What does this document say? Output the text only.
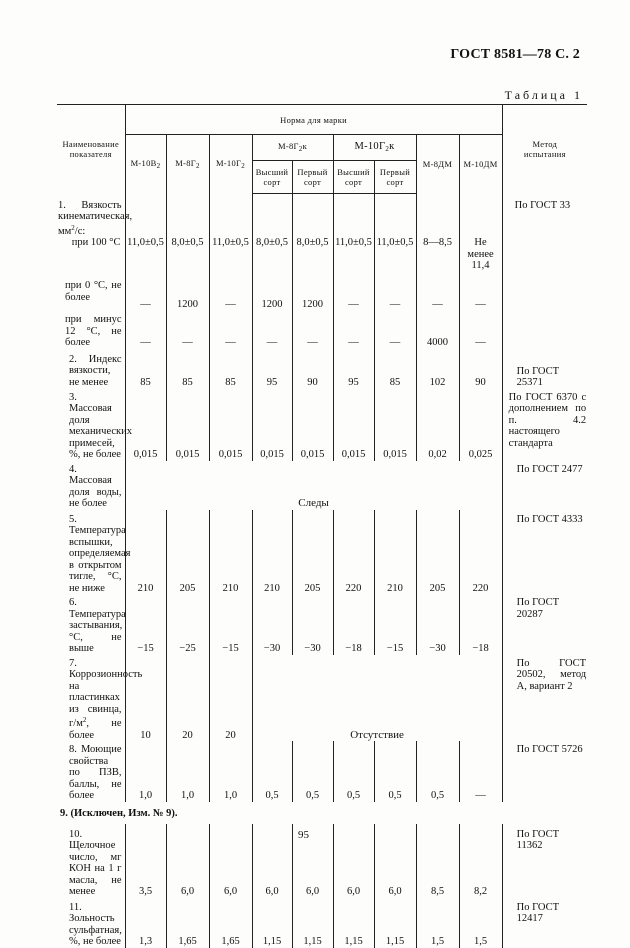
ГОСТ 8581—78 С. 2
Таблица 1
Наименование показателя	Норма для марки									Метод испытания
	$М-10В_2$	$М-8Г_2$	$М-10Г_2$	$М-8Г_2к$		$М-10Г_2к$		М-8ДМ	М-10ДМ	
				Высший сорт	Первый сорт	Высший сорт	Первый сорт			
1. Вязкость кинематическая, $мм^2/с$:										По ГОСТ 33
при 100 °С	11,0±0,5	8,0±0,5	11,0±0,5	8,0±0,5	8,0±0,5	11,0±0,5	11,0±0,5	8—8,5	Не менее 11,4	
при 0 °С, не более	—	1200	—	1200	1200	—	—	—	—	
при минус 12 °С, не более	—	—	—	—	—	—	—	4000	—	
2. Индекс вязкости, не менее	85	85	85	95	90	95	85	102	90	По ГОСТ 25371
3. Массовая доля механических примесей, %, не более	0,015	0,015	0,015	0,015	0,015	0,015	0,015	0,02	0,025	По ГОСТ 6370 с дополнением по п. 4.2 настоящего стандарта
4. Массовая доля воды, не более	Следы									По ГОСТ 2477
5. Температура вспышки, определяемая в открытом тигле, °С, не ниже	210	205	210	210	205	220	210	205	220	По ГОСТ 4333
6. Температура застывания, °С, не выше	−15	−25	−15	−30	−30	−18	−15	−30	−18	По ГОСТ 20287
7. Коррозионность на пластинках из свинца, $г/м^2$, не более	10	20	20	Отсутствие						По ГОСТ 20502, метод А, вариант 2
8. Моющие свойства по ПЗВ, баллы, не более	1,0	1,0	1,0	0,5	0,5	0,5	0,5	0,5	—	По ГОСТ 5726
9. (Исключен, Изм. № 9).										
10. Щелочное число, мг КОН на 1 г масла, не менее	3,5	6,0	6,0	6,0	6,0	6,0	6,0	8,5	8,2	По ГОСТ 11362
11. Зольность сульфатная, %, не более	1,3	1,65	1,65	1,15	1,15	1,15	1,15	1,5	1,5	По ГОСТ 12417
95
